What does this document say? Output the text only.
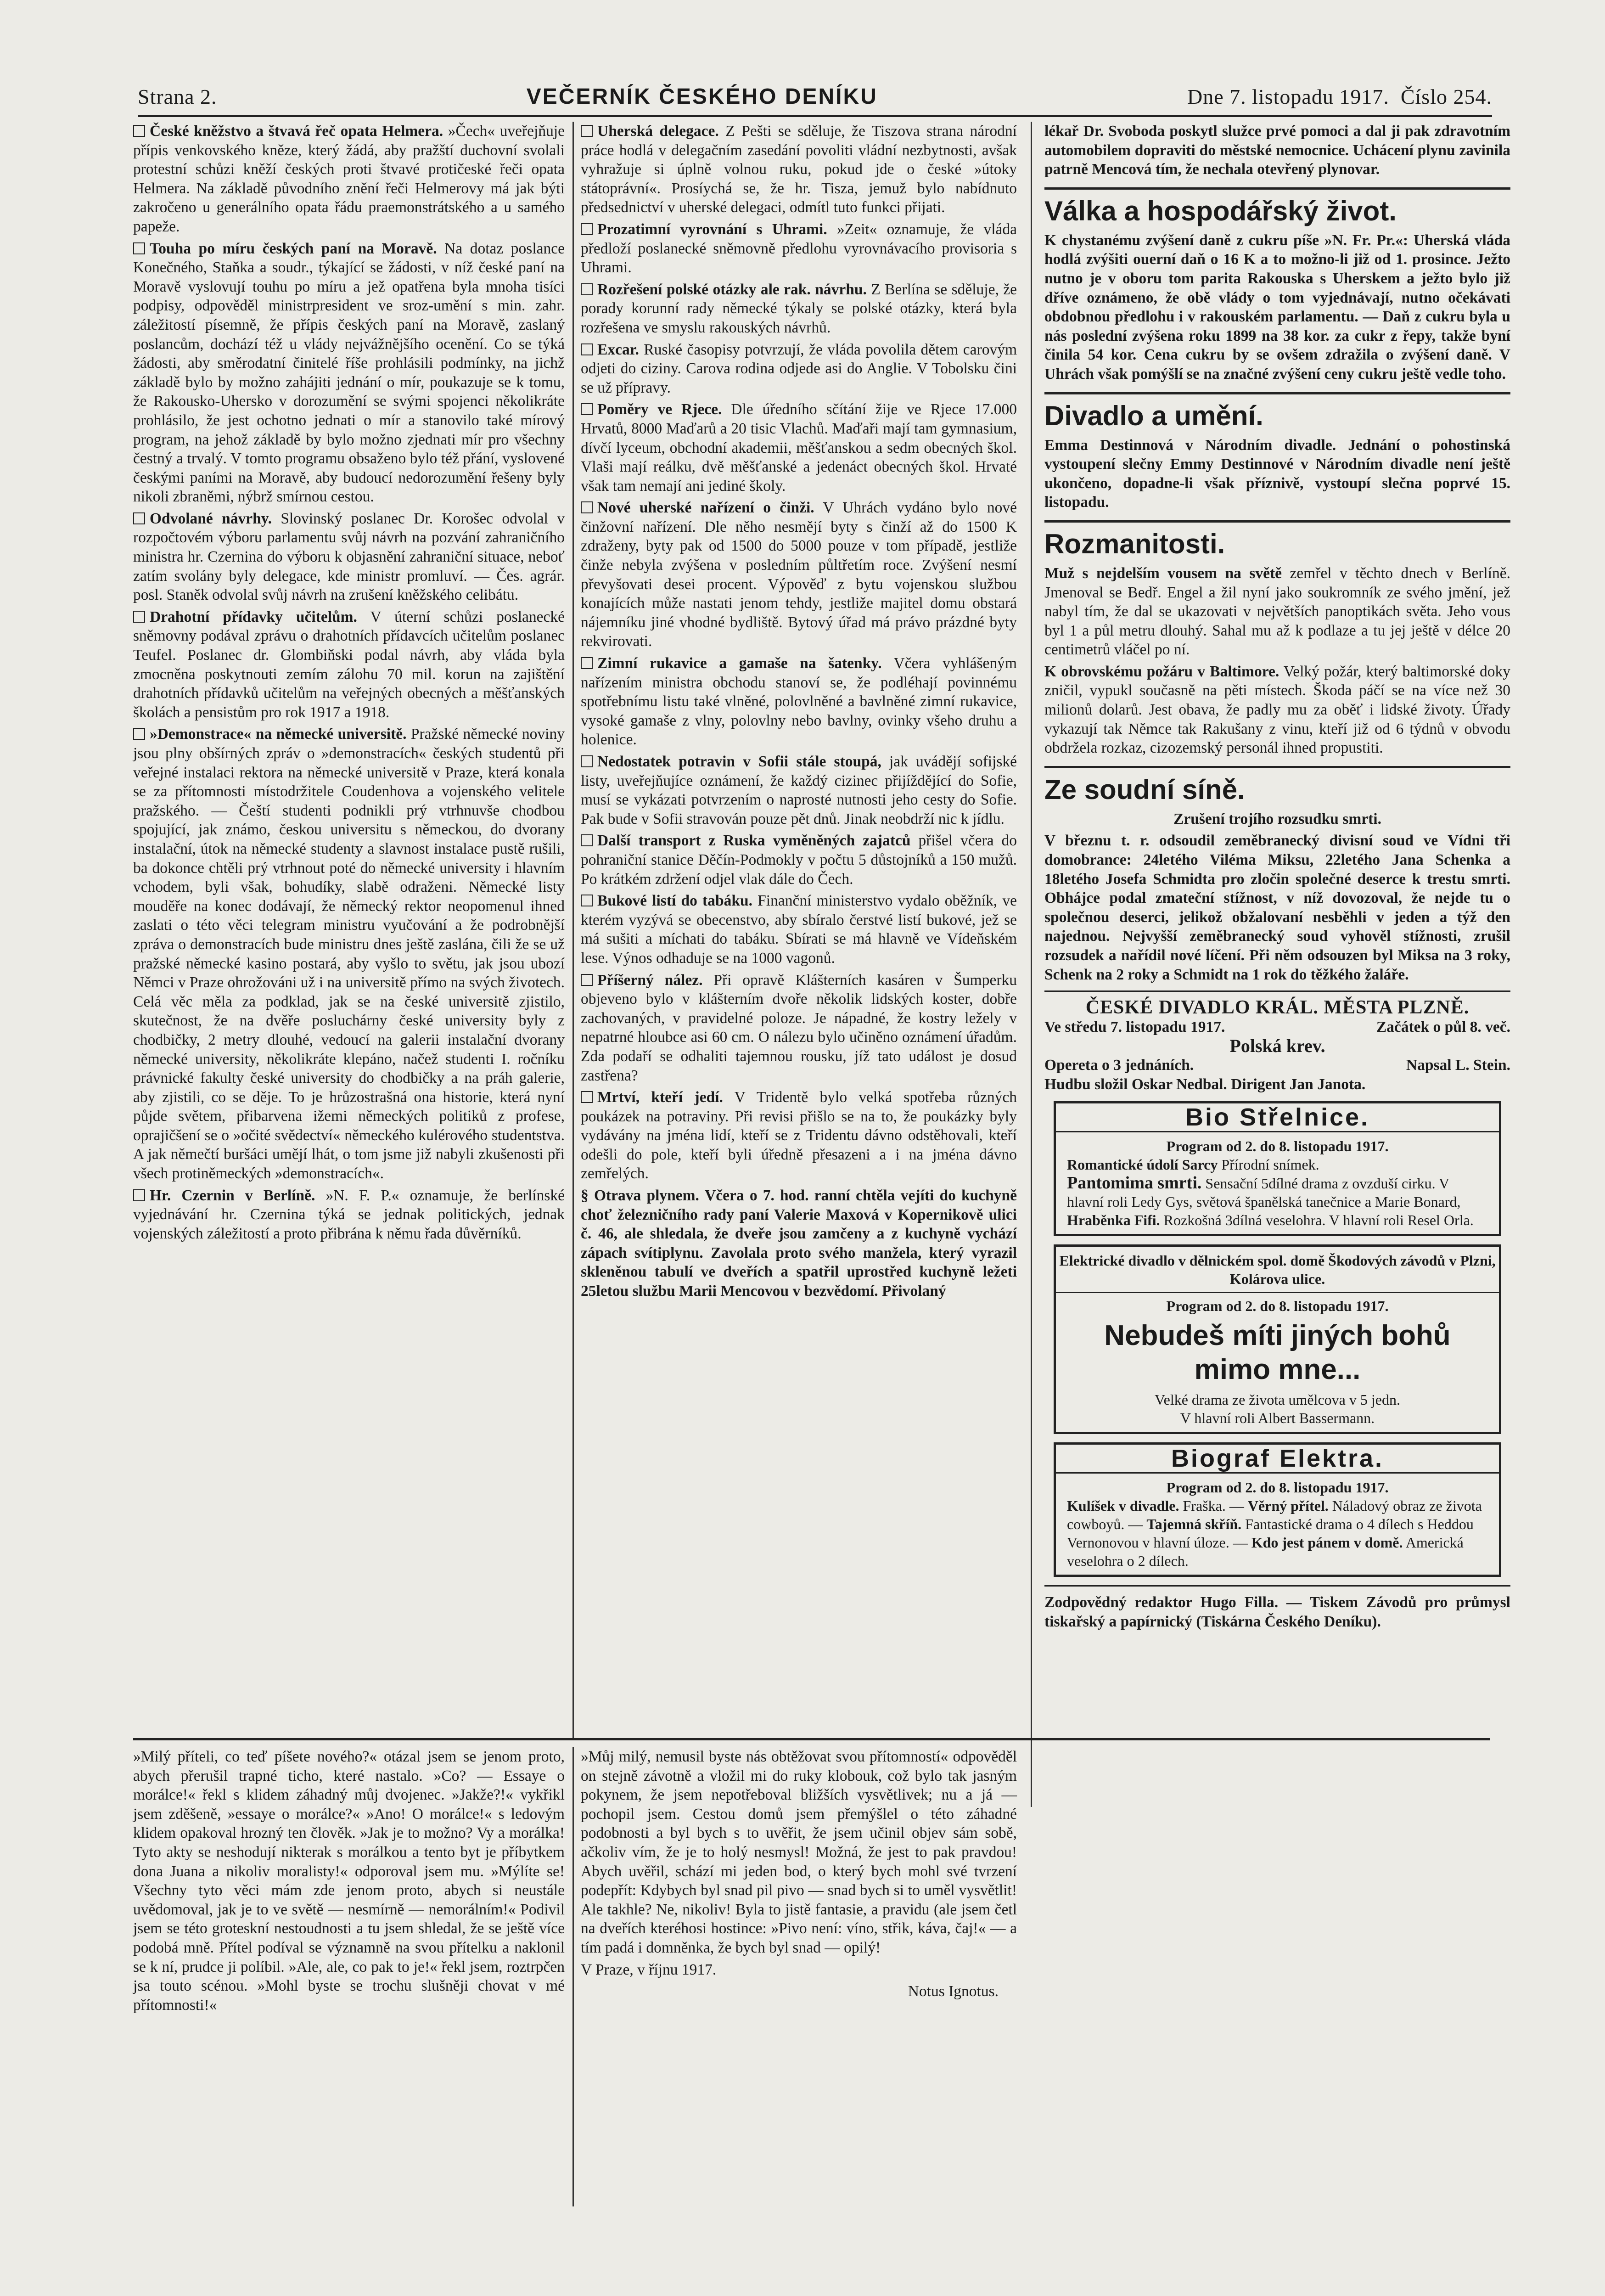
Strana 2.	VEČERNÍK ČESKÉHO DENÍKU	Dne 7. listopadu 1917. Číslo 254.

České kněžstvo a štvavá řeč opata Helmera. »Čech« uveřejňuje přípis venkovského kněze, který žádá, aby pražští duchovní svolali protestní schůzi kněží českých proti štvavé protičeské řeči opata Helmera. Na základě původního znění řeči Helmerovy má jak býti zakročeno u generálního opata řádu praemonstrátského a u samého papeže.

Touha po míru českých paní na Moravě. Na dotaz poslance Konečného, Staňka a soudr., týkající se žádosti, v níž české paní na Moravě vyslovují touhu po míru a jež opatřena byla mnoha tisíci podpisy, odpověděl ministrpresident ve sroz-umění s min. zahr. záležitostí písemně, že přípis českých paní na Moravě, zaslaný poslancům, dochází též u vlády nejvážnějšího ocenění. Co se týká žádosti, aby směrodatní činitelé říše prohlásili podmínky, na jichž základě bylo by možno zahájiti jednání o mír, poukazuje se k tomu, že Rakousko-Uhersko v dorozumění se svými spojenci několikráte prohlásilo, že jest ochotno jednati o mír a stanovilo také mírový program, na jehož základě by bylo možno zjednati mír pro všechny čestný a trvalý. V tomto programu obsaženo bylo též přání, vyslovené českými paními na Moravě, aby budoucí nedorozumění řešeny byly nikoli zbraněmi, nýbrž smírnou cestou.

Odvolané návrhy. Slovinský poslanec Dr. Korošec odvolal v rozpočtovém výboru parlamentu svůj návrh na pozvání zahraničního ministra hr. Czernina do výboru k objasnění zahraniční situace, neboť zatím svolány byly delegace, kde ministr promluví. — Čes. agrár. posl. Staněk odvolal svůj návrh na zrušení kněžského celibátu.

Drahotní přídavky učitelům. V úterní schůzi poslanecké sněmovny podával zprávu o drahotních přídavcích učitelům poslanec Teufel. Poslanec dr. Glombiňski podal návrh, aby vláda byla zmocněna poskytnouti zemím zálohu 70 mil. korun na zajištění drahotních přídavků učitelům na veřejných obecných a měšťanských školách a pensistům pro rok 1917 a 1918.

»Demonstrace« na německé universitě. Pražské německé noviny jsou plny obšírných zpráv o »demonstracích« českých studentů při veřejné instalaci rektora na německé universitě v Praze, která konala se za přítomnosti místodržitele Coudenhova a vojenského velitele pražského. — Čeští studenti podnikli prý vtrhnuvše chodbou spojující, jak známo, českou universitu s německou, do dvorany instalační, útok na německé studenty a slavnost instalace pustě rušili, ba dokonce chtěli prý vtrhnout poté do německé university i hlavním vchodem, byli však, bohudíky, slabě odraženi. Německé listy mouděře na konec dodávají, že německý rektor neopomenul ihned zaslati o této věci telegram ministru vyučování a že podrobnější zpráva o demonstracích bude ministru dnes ještě zaslána, čili že se už pražské německé kasino postará, aby vyšlo to světu, jak jsou ubozí Němci v Praze ohrožováni už i na universitě přímo na svých životech. Celá věc měla za podklad, jak se na české universitě zjistilo, skutečnost, že na dvěře posluchárny české university byly z chodbičky, 2 metry dlouhé, vedoucí na galerii instalační dvorany německé university, několikráte klepáno, načež studenti I. ročníku právnické fakulty české university do chodbičky a na práh galerie, aby zjistili, co se děje. To je hrůzostrašná ona historie, která nyní půjde světem, přibarvena ižemi německých politiků z profese, oprajičšení se o »očité svědectví« německého kulérového studentstva. A jak němečtí buršáci umějí lhát, o tom jsme již nabyli zkušenosti při všech protiněmeckých »demonstracích«.

Hr. Czernin v Berlíně. »N. F. P.« oznamuje, že berlínské vyjednávání hr. Czernina týká se jednak politických, jednak vojenských záležitostí a proto přibrána k němu řada důvěrníků.

Uherská delegace. Z Pešti se sděluje, že Tiszova strana národní práce hodlá v delegačním zasedání povoliti vládní nezbytnosti, avšak vyhražuje si úplně volnou ruku, pokud jde o české »útoky státoprávní«. Prosíychá se, že hr. Tisza, jemuž bylo nabídnuto předsednictví v uherské delegaci, odmítl tuto funkci přijati.

Prozatimní vyrovnání s Uhrami. »Zeit« oznamuje, že vláda předloží poslanecké sněmovně předlohu vyrovnávacího provisoria s Uhrami.

Rozřešení polské otázky ale rak. návrhu. Z Berlína se sděluje, že porady korunní rady německé týkaly se polské otázky, která byla rozřešena ve smyslu rakouských návrhů.

Excar. Ruské časopisy potvrzují, že vláda povolila dětem carovým odjeti do ciziny. Carova rodina odjede asi do Anglie. V Tobolsku čini se už přípravy.

Poměry ve Rjece. Dle úředního sčítání žije ve Rjece 17.000 Hrvatů, 8000 Maďarů a 20 tisic Vlachů. Maďaři mají tam gymnasium, dívčí lyceum, obchodní akademii, měšťanskou a sedm obecných škol. Vlaši mají reálku, dvě měšťanské a jedenáct obecných škol. Hrvaté však tam nemají ani jediné školy.

Nové uherské nařízení o činži. V Uhrách vydáno bylo nové činžovní nařízení. Dle něho nesmějí byty s činží až do 1500 K zdraženy, byty pak od 1500 do 5000 pouze v tom případě, jestliže činže nebyla zvýšena v posledním půltřetím roce. Zvýšení nesmí převyšovati desei procent. Výpověď z bytu vojenskou službou konajících může nastati jenom tehdy, jestliže majitel domu obstará nájemníku jiné vhodné bydliště. Bytový úřad má právo prázdné byty rekvirovati.

Zimní rukavice a gamaše na šatenky. Včera vyhlášeným nařízením ministra obchodu stanoví se, že podléhají povinnému spotřebnímu listu také vlněné, polovlněné a bavlněné zimní rukavice, vysoké gamaše z vlny, polovlny nebo bavlny, ovinky všeho druhu a holenice.

Nedostatek potravin v Sofii stále stoupá, jak uvádějí sofijské listy, uveřejňujíce oznámení, že každý cizinec přijíždějící do Sofie, musí se vykázati potvrzením o naprosté nutnosti jeho cesty do Sofie. Pak bude v Sofii stravován pouze pět dnů. Jinak neobdrží nic k jídlu.

Další transport z Ruska vyměněných zajatců přišel včera do pohraniční stanice Děčín-Podmokly v počtu 5 důstojníků a 150 mužů. Po krátkém zdržení odjel vlak dále do Čech.

Bukové listí do tabáku. Finanční ministerstvo vydalo oběžník, ve kterém vyzývá se obecenstvo, aby sbíralo čerstvé listí bukové, jež se má sušiti a míchati do tabáku. Sbírati se má hlavně ve Vídeňském lese. Výnos odhaduje se na 1000 vagonů.

Příšerný nález. Při opravě Klášterních kasáren v Šumperku objeveno bylo v klášterním dvoře několik lidských koster, dobře zachovaných, v pravidelné poloze. Je nápadné, že kostry ležely v nepatrné hloubce asi 60 cm. O nálezu bylo učiněno oznámení úřadům. Zda podaří se odhaliti tajemnou rousku, jíž tato událost je dosud zastřena?

Mrtví, kteří jedí. V Tridentě bylo velká spotřeba různých poukázek na potraviny. Při revisi přišlo se na to, že poukázky byly vydávány na jména lidí, kteří se z Tridentu dávno odstěhovali, kteří odešli do pole, kteří byli úředně přesazeni a i na jména dávno zemřelých.

§ Otrava plynem. Včera o 7. hod. ranní chtěla vejíti do kuchyně choť železničního rady paní Valerie Maxová v Kopernikově ulici č. 46, ale shledala, že dveře jsou zamčeny a z kuchyně vychází zápach svítiplynu. Zavolala proto svého manžela, který vyrazil skleněnou tabulí ve dveřích a spatřil uprostřed kuchyně ležeti 25letou službu Marii Mencovou v bezvědomí. Přivolaný

lékař Dr. Svoboda poskytl služce prvé pomoci a dal ji pak zdravotním automobilem dopraviti do městské nemocnice. Uchácení plynu zavinila patrně Mencová tím, že nechala otevřený plynovar.

Válka a hospodářský život.

K chystanému zvýšení daně z cukru píše »N. Fr. Pr.«: Uherská vláda hodlá zvýšiti ouerní daň o 16 K a to možno-li již od 1. prosince. Ježto nutno je v oboru tom parita Rakouska s Uherskem a ježto bylo již dříve oznámeno, že obě vlády o tom vyjednávají, nutno očekávati obdobnou předlohu i v rakouském parlamentu. — Daň z cukru byla u nás poslední zvýšena roku 1899 na 38 kor. za cukr z řepy, takže byní činila 54 kor. Cena cukru by se ovšem zdražila o zvýšení daně. V Uhrách však pomýšlí se na značné zvýšení ceny cukru ještě vedle toho.

Divadlo a umění.

Emma Destinnová v Národním divadle. Jednání o pohostinská vystoupení slečny Emmy Destinnové v Národním divadle není ještě ukončeno, dopadne-li však příznivě, vystoupí slečna poprvé 15. listopadu.

Rozmanitosti.

Muž s nejdelším vousem na světě zemřel v těchto dnech v Berlíně. Jmenoval se Bedř. Engel a žil nyní jako soukromník ze svého jmění, jež nabyl tím, že dal se ukazovati v největších panoptikách světa. Jeho vous byl 1 a půl metru dlouhý. Sahal mu až k podlaze a tu jej ještě v délce 20 centimetrů vláčel po ní.

K obrovskému požáru v Baltimore. Velký požár, který baltimorské doky zničil, vypukl současně na pěti místech. Škoda páčí se na více než 30 milionů dolarů. Jest obava, že padly mu za oběť i lidské životy. Úřady vykazují tak Němce tak Rakušany z vinu, kteří již od 6 týdnů v obvodu obdržela rozkaz, cizozemský personál ihned propustiti.

Ze soudní síně.

Zrušení trojího rozsudku smrti.

V březnu t. r. odsoudil zeměbranecký divisní soud ve Vídni tři domobrance: 24letého Viléma Miksu, 22letého Jana Schenka a 18letého Josefa Schmidta pro zločin společné deserce k trestu smrti. Obhájce podal zmateční stížnost, v níž dovozoval, že nejde tu o společnou deserci, jelikož obžalovaní nesběhli v jeden a týž den najednou. Nejvyšší zeměbranecký soud vyhověl stížnosti, zrušil rozsudek a nařídil nové líčení. Při něm odsouzen byl Miksa na 3 roky, Schenk na 2 roky a Schmidt na 1 rok do těžkého žaláře.

ČESKÉ DIVADLO KRÁL. MĚSTA PLZNĚ.
Ve středu 7. listopadu 1917.	Začátek o půl 8. več.
Polská krev.
Opereta o 3 jednáních.	Napsal L. Stein.
Hudbu složil Oskar Nedbal. Dirigent Jan Janota.
Bio Střelnice.
Program od 2. do 8. listopadu 1917.
Romantické údolí Sarcy Přírodní snímek.
Pantomima smrti. Sensační 5dílné drama z ovzduší cirku. V hlavní roli Ledy Gys, světová španělská tanečnice a Marie Bonard,
Hraběnka Fifi. Rozkošná 3dílná veselohra. V hlavní roli Resel Orla.
Elektrické divadlo v dělnickém spol. domě Škodových závodů v Plzni, Kolárova ulice.
Program od 2. do 8. listopadu 1917.
Nebudeš míti jiných bohů mimo mne...
Velké drama ze života umělcova v 5 jedn.
V hlavní roli Albert Bassermann.
Biograf Elektra.
Program od 2. do 8. listopadu 1917.
Kulíšek v divadle. Fraška. — Věrný přítel. Náladový obraz ze života cowboyů. — Tajemná skříň. Fantastické drama o 4 dílech s Heddou Vernonovou v hlavní úloze. — Kdo jest pánem v domě. Americká veselohra o 2 dílech.

Zodpovědný redaktor Hugo Filla. — Tiskem Závodů pro průmysl tiskařský a papírnický (Tiskárna Českého Deníku).

»Milý příteli, co teď píšete nového?« otázal jsem se jenom proto, abych přerušil trapné ticho, které nastalo. »Co? — Essaye o morálce!« řekl s klidem záhadný můj dvojenec. »Jakže?!« vykřikl jsem zděšeně, »essaye o morálce?« »Ano! O morálce!« s ledovým klidem opakoval hrozný ten člověk. »Jak je to možno? Vy a morálka! Tyto akty se neshodují nikterak s morálkou a tento byt je příbytkem dona Juana a nikoliv moralisty!« odporoval jsem mu. »Mýlíte se! Všechny tyto věci mám zde jenom proto, abych si neustále uvědomoval, jak je to ve světě — nesmírně — nemorálním!« Podivil jsem se této groteskní nestoudnosti a tu jsem shledal, že se ještě více podobá mně. Přítel podíval se významně na svou přítelku a naklonil se k ní, prudce ji políbil. »Ale, ale, co pak to je!« řekl jsem, roztrpčen jsa touto scénou. »Mohl byste se trochu slušněji chovat v mé přítomnosti!«

»Můj milý, nemusil byste nás obtěžovat svou přítomností« odpověděl on stejně závotně a vložil mi do ruky klobouk, což bylo tak jasným pokynem, že jsem nepotřeboval bližších vysvětlivek; nu a já — pochopil jsem. Cestou domů jsem přemýšlel o této záhadné podobnosti a byl bych s to uvěřit, že jsem učinil objev sám sobě, ačkoliv vím, že je to holý nesmysl! Možná, že jest to pak pravdou! Abych uvěřil, schází mi jeden bod, o který bych mohl své tvrzení podepřít: Kdybych byl snad pil pivo — snad bych si to uměl vysvětlit! Ale takhle? Ne, nikoliv! Byla to jistě fantasie, a pravidu (ale jsem četl na dveřích kteréhosi hostince: »Pivo není: víno, střik, káva, čaj!« — a tím padá i domněnka, že bych byl snad — opilý!

V Praze, v říjnu 1917.

Notus Ignotus.
